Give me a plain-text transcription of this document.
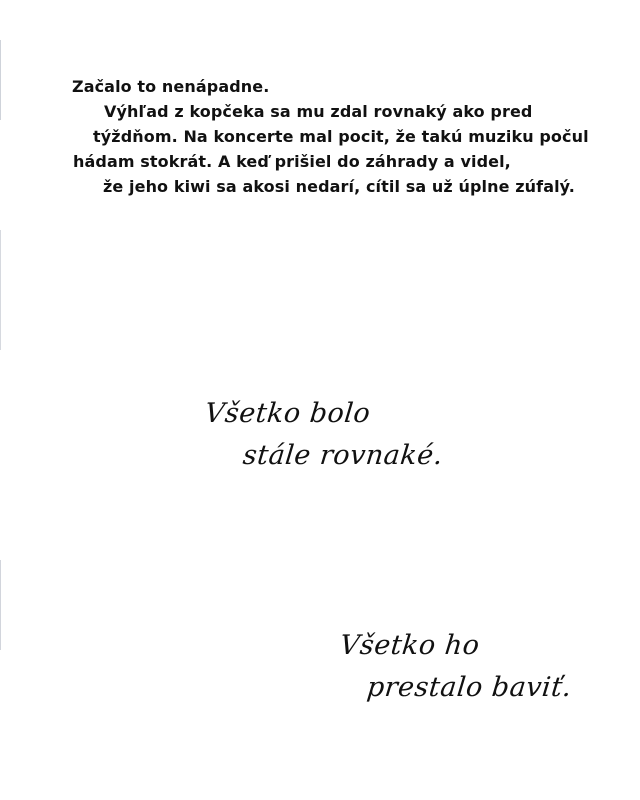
Začalo to nenápadne.
Výhľad z kopčeka sa mu zdal rovnaký ako pred
týždňom. Na koncerte mal pocit, že takú muziku počul
hádam stokrát. A keď prišiel do záhrady a videl,
že jeho kiwi sa akosi nedarí, cítil sa už úplne zúfalý.
Všetko bolo
stále rovnaké.
Všetko ho
prestalo baviť.
